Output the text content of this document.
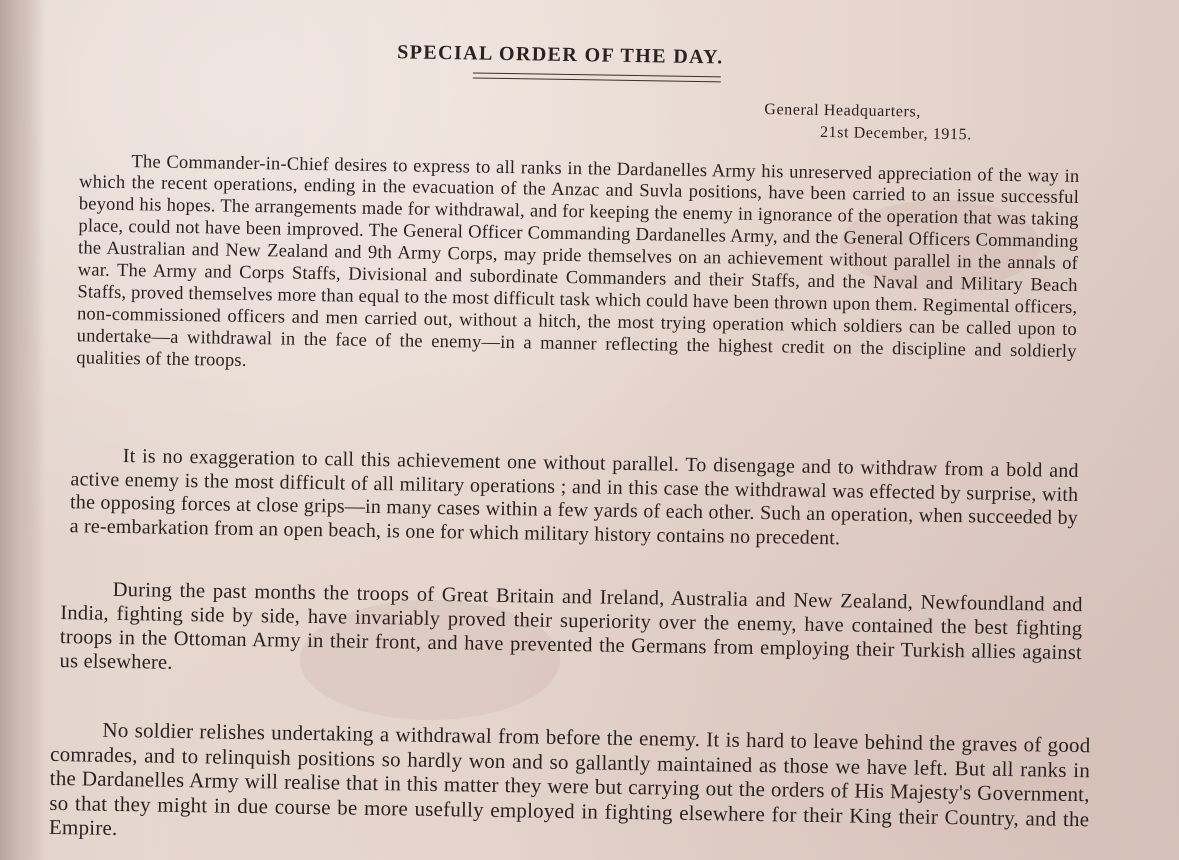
SPECIAL ORDER OF THE DAY.
General Headquarters,
21st December, 1915.

The Commander-in-Chief desires to express to all ranks in the Dardanelles Army his unreserved appreciation of the way in which the recent operations, ending in the evacuation of the Anzac and Suvla positions, have been carried to an issue successful beyond his hopes. The arrangements made for withdrawal, and for keeping the enemy in ignorance of the operation that was taking place, could not have been improved. The General Officer Commanding Dardanelles Army, and the General Officers Commanding the Australian and New Zealand and 9th Army Corps, may pride themselves on an achievement without parallel in the annals of war. The Army and Corps Staffs, Divisional and subordinate Commanders and their Staffs, and the Naval and Military Beach Staffs, proved themselves more than equal to the most difficult task which could have been thrown upon them. Regimental officers, non-commissioned officers and men carried out, without a hitch, the most trying operation which soldiers can be called upon to undertake—a withdrawal in the face of the enemy—in a manner reflecting the highest credit on the discipline and soldierly qualities of the troops.

It is no exaggeration to call this achievement one without parallel. To disengage and to withdraw from a bold and active enemy is the most difficult of all military operations ; and in this case the withdrawal was effected by surprise, with the opposing forces at close grips—in many cases within a few yards of each other. Such an operation, when succeeded by a re-embarkation from an open beach, is one for which military history contains no precedent.

During the past months the troops of Great Britain and Ireland, Australia and New Zealand, Newfoundland and India, fighting side by side, have invariably proved their superiority over the enemy, have contained the best fighting troops in the Ottoman Army in their front, and have prevented the Germans from employing their Turkish allies against us elsewhere.

No soldier relishes undertaking a withdrawal from before the enemy. It is hard to leave behind the graves of good comrades, and to relinquish positions so hardly won and so gallantly maintained as those we have left. But all ranks in the Dardanelles Army will realise that in this matter they were but carrying out the orders of His Majesty's Government, so that they might in due course be more usefully employed in fighting elsewhere for their King their Country, and the Empire.
